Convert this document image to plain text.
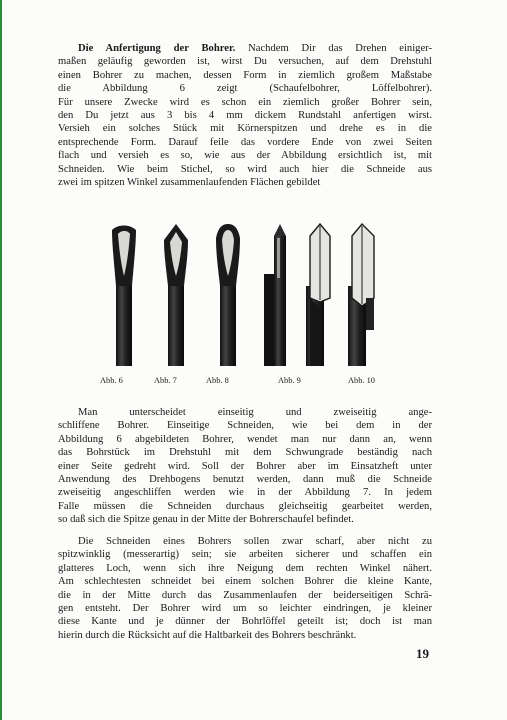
Die Anfertigung der Bohrer. Nachdem Dir das Drehen einiger-
maßen geläufig geworden ist, wirst Du versuchen, auf dem Drehstuhl
einen Bohrer zu machen, dessen Form in ziemlich großem Maßstabe
die Abbildung 6 zeigt (Schaufelbohrer, Löffelbohrer).
Für unsere Zwecke wird es schon ein ziemlich großer Bohrer sein,
den Du jetzt aus 3 bis 4 mm dickem Rundstahl anfertigen wirst.
Versieh ein solches Stück mit Körnerspitzen und drehe es in die
entsprechende Form. Darauf feile das vordere Ende von zwei Seiten
flach und versieh es so, wie aus der Abbildung ersichtlich ist, mit
Schneiden. Wie beim Stichel, so wird auch hier die Schneide aus
zwei im spitzen Winkel zusammenlaufenden Flächen gebildet
Abb. 6	Abb. 7	Abb. 8	Abb. 9	Abb. 10
Man unterscheidet einseitig und zweiseitig ange-
schliffene Bohrer. Einseitige Schneiden, wie bei dem in der
Abbildung 6 abgebildeten Bohrer, wendet man nur dann an, wenn
das Bohrstück im Drehstuhl mit dem Schwungrade beständig nach
einer Seite gedreht wird. Soll der Bohrer aber im Einsatzheft unter
Anwendung des Drehbogens benutzt werden, dann muß die Schneide
zweiseitig angeschliffen werden wie in der Abbildung 7. In jedem
Falle müssen die Schneiden durchaus gleichseitig gearbeitet werden,
so daß sich die Spitze genau in der Mitte der Bohrerschaufel befindet.
Die Schneiden eines Bohrers sollen zwar scharf, aber nicht zu
spitzwinklig (messerartig) sein; sie arbeiten sicherer und schaffen ein
glatteres Loch, wenn sich ihre Neigung dem rechten Winkel nähert.
Am schlechtesten schneidet bei einem solchen Bohrer die kleine Kante,
die in der Mitte durch das Zusammenlaufen der beiderseitigen Schrä-
gen entsteht. Der Bohrer wird um so leichter eindringen, je kleiner
diese Kante und je dünner der Bohrlöffel geteilt ist; doch ist man
hierin durch die Rücksicht auf die Haltbarkeit des Bohrers beschränkt.
19
